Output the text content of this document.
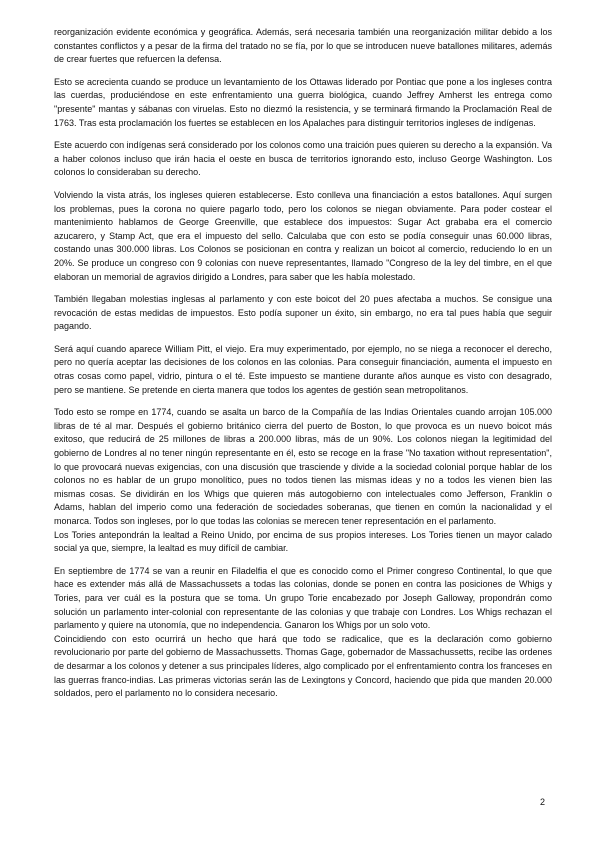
reorganización evidente económica y geográfica. Además, será necesaria también una reorganización militar debido a los constantes conflictos y a pesar de la firma del tratado no se fía, por lo que se introducen nueve batallones militares, además de crear fuertes que refuercen la defensa.

Esto se acrecienta cuando se produce un levantamiento de los Ottawas liderado por Pontiac que pone a los ingleses contra las cuerdas, produciéndose en este enfrentamiento una guerra biológica, cuando Jeffrey Amherst les entrega como "presente" mantas y sábanas con viruelas. Esto no diezmó la resistencia, y se terminará firmando la Proclamación Real de 1763. Tras esta proclamación los fuertes se establecen en los Apalaches para distinguir territorios ingleses de indígenas.

Este acuerdo con indígenas será considerado por los colonos como una traición pues quieren su derecho a la expansión. Va a haber colonos incluso que irán hacia el oeste en busca de territorios ignorando esto, incluso George Washington. Los colonos lo consideraban su derecho.

Volviendo la vista atrás, los ingleses quieren establecerse. Esto conlleva una financiación a estos batallones. Aquí surgen los problemas, pues la corona no quiere pagarlo todo, pero los colonos se niegan obviamente. Para poder costear el mantenimiento hablamos de George Greenville, que establece dos impuestos: Sugar Act grababa era el comercio azucarero, y Stamp Act, que era el impuesto del sello. Calculaba que con esto se podía conseguir unas 60.000 libras, costando unas 300.000 libras. Los Colonos se posicionan en contra y realizan un boicot al comercio, reduciendo lo en un 20%. Se produce un congreso con 9 colonias con nueve representantes, llamado "Congreso de la ley del timbre, en el que elaboran un memorial de agravios dirigido a Londres, para saber que les había molestado.

También llegaban molestias inglesas al parlamento y con este boicot del 20 pues afectaba a muchos. Se consigue una revocación de estas medidas de impuestos. Esto podía suponer un éxito, sin embargo, no era tal pues había que seguir pagando.

Será aquí cuando aparece William Pitt, el viejo. Era muy experimentado, por ejemplo, no se niega a reconocer el derecho, pero no quería aceptar las decisiones de los colonos en las colonias. Para conseguir financiación, aumenta el impuesto en otras cosas como papel, vidrio, pintura o el té. Este impuesto se mantiene durante años aunque es visto con desagrado, pero se mantiene. Se pretende en cierta manera que todos los agentes de gestión sean metropolitanos.

Todo esto se rompe en 1774, cuando se asalta un barco de la Compañía de las Indias Orientales cuando arrojan 105.000 libras de té al mar. Después el gobierno británico cierra del puerto de Boston, lo que provoca es un nuevo boicot más exitoso, que reducirá de 25 millones de libras a 200.000 libras, más de un 90%. Los colonos niegan la legitimidad del gobierno de Londres al no tener ningún representante en él, esto se recoge en la frase "No taxation without representation", lo que provocará nuevas exigencias, con una discusión que trasciende y divide a la sociedad colonial porque hablar de los colonos no es hablar de un grupo monolítico, pues no todos tienen las mismas ideas y no a todos les vienen bien las mismas cosas. Se dividirán en los Whigs que quieren más autogobierno con intelectuales como Jefferson, Franklin o Adams, hablan del imperio como una federación de sociedades soberanas, que tienen en común la nacionalidad y el monarca. Todos son ingleses, por lo que todas las colonias se merecen tener representación en el parlamento.

Los Tories antepondrán la lealtad a Reino Unido, por encima de sus propios intereses. Los Tories tienen un mayor calado social ya que, siempre, la lealtad es muy difícil de cambiar.

En septiembre de 1774 se van a reunir en Filadelfia el que es conocido como el Primer congreso Continental, lo que que hace es extender más allá de Massachussets a todas las colonias, donde se ponen en contra las posiciones de Whigs y Tories, para ver cuál es la postura que se toma. Un grupo Torie encabezado por Joseph Galloway, propondrán como solución un parlamento inter-colonial con representante de las colonias y que trabaje con Londres. Los Whigs rechazan el parlamento y quiere na utonomía, que no independencia. Ganaron los Whigs por un solo voto.

Coincidiendo con esto ocurrirá un hecho que hará que todo se radicalice, que es la declaración como gobierno revolucionario por parte del gobierno de Massachussetts. Thomas Gage, gobernador de Massachussetts, recibe las ordenes de desarmar a los colonos y detener a sus principales líderes, algo complicado por el enfrentamiento contra los franceses en las guerras franco-indias. Las primeras victorias serán las de Lexingtons y Concord, haciendo que pida que manden 20.000 soldados, pero el parlamento no lo considera necesario.

2
